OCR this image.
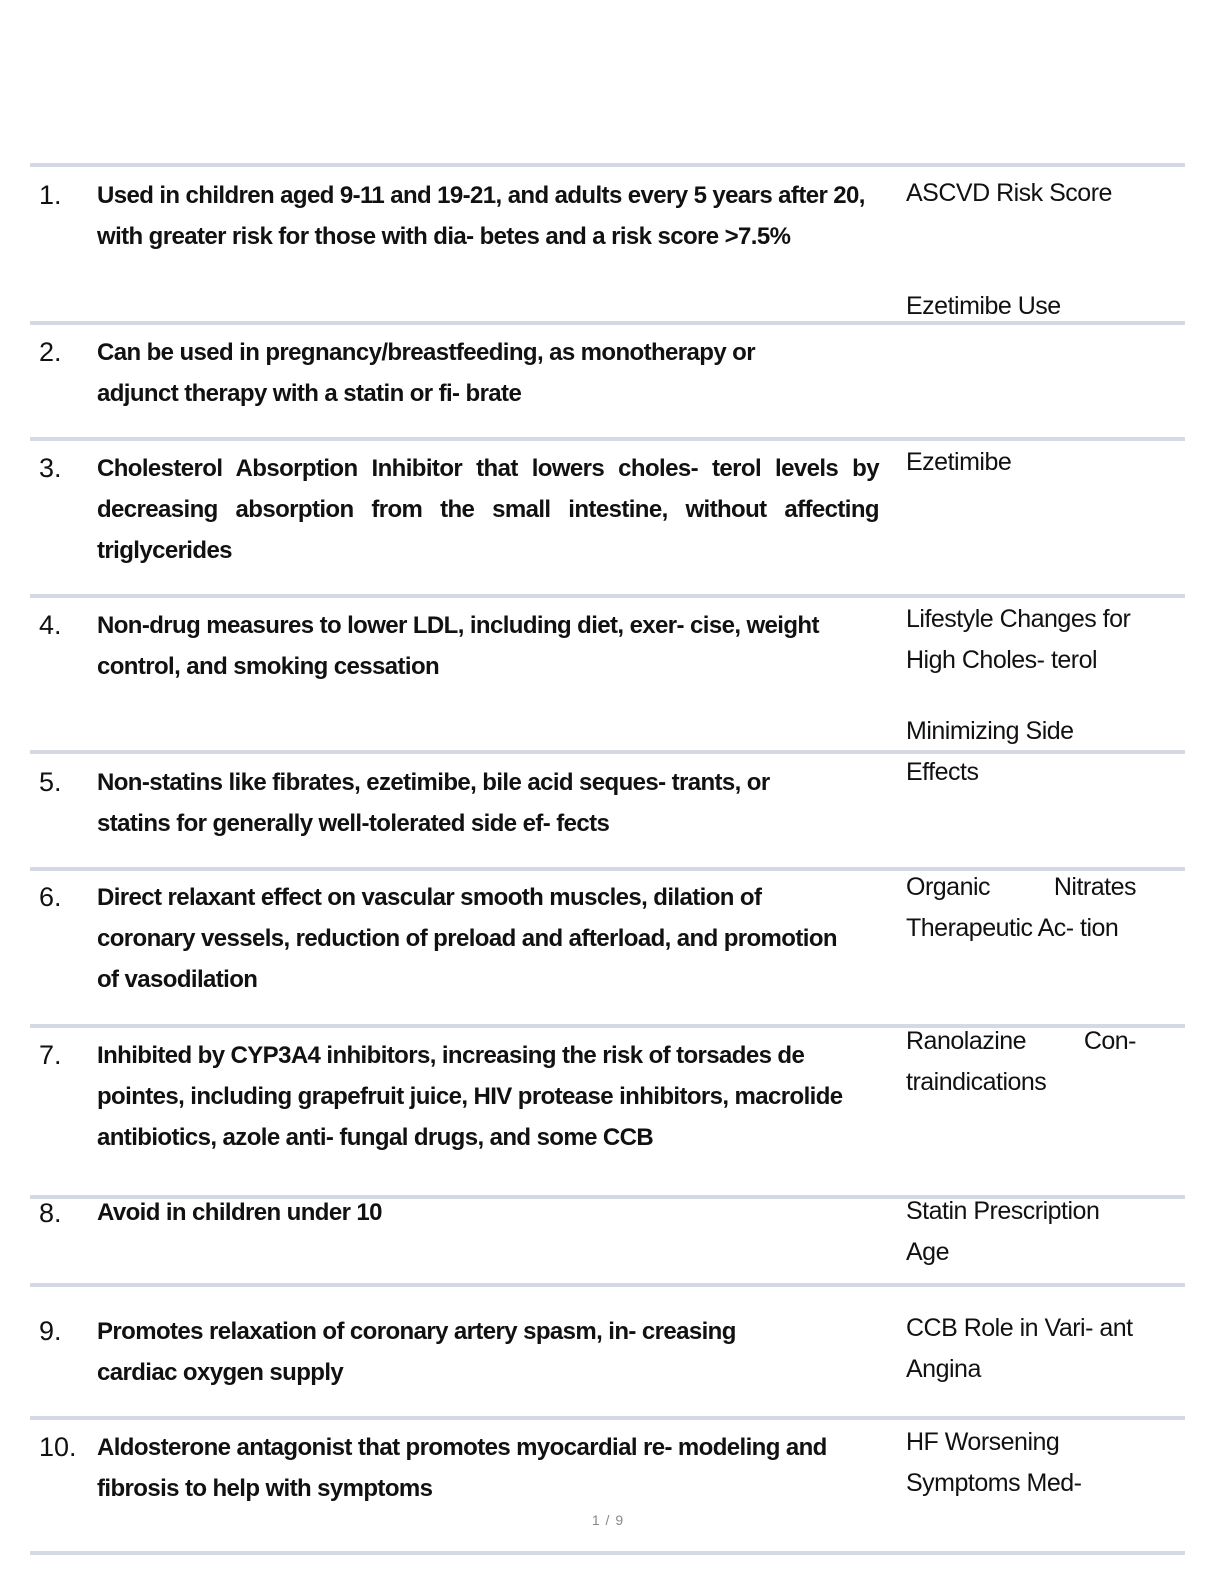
1. Used in children aged 9-11 and 19-21, and adults every 5 years after 20, with greater risk for those with dia- betes and a risk score >7.5%
ASCVD Risk Score
2. Can be used in pregnancy/breastfeeding, as monotherapy or adjunct therapy with a statin or fi- brate
Ezetimibe Use
3. Cholesterol Absorption Inhibitor that lowers choles- terol levels by decreasing absorption from the small intestine, without affecting triglycerides
Ezetimibe
4. Non-drug measures to lower LDL, including diet, exer- cise, weight control, and smoking cessation
Lifestyle Changes for High Choles- terol
5. Non-statins like fibrates, ezetimibe, bile acid seques- trants, or statins for generally well-tolerated side ef- fects
Minimizing Side Effects
6. Direct relaxant effect on vascular smooth muscles, dilation of coronary vessels, reduction of preload and afterload, and promotion of vasodilation
Organic Nitrates Therapeutic Ac- tion
7. Inhibited by CYP3A4 inhibitors, increasing the risk of torsades de pointes, including grapefruit juice, HIV protease inhibitors, macrolide antibiotics, azole anti- fungal drugs, and some CCB
Ranolazine Con- traindications
8. Avoid in children under 10	Statin Prescription Age
9. Promotes relaxation of coronary artery spasm, in- creasing cardiac oxygen supply
CCB Role in Vari- ant Angina
10. Aldosterone antagonist that promotes myocardial re- modeling and fibrosis to help with symptoms
HF Worsening Symptoms Med-
1 / 9
